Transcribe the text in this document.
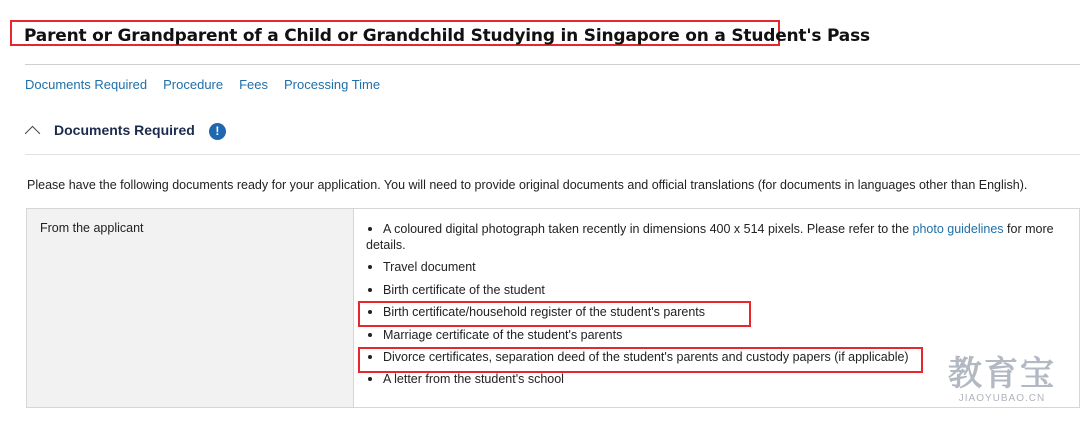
Parent or Grandparent of a Child or Grandchild Studying in Singapore on a Student's Pass
Documents Required Procedure Fees Processing Time
Documents Required	!
Please have the following documents ready for your application. You will need to provide original documents and official translations (for documents in languages other than English).
From the applicant	A coloured digital photograph taken recently in dimensions 400 x 514 pixels. Please refer to the photo guidelines for more details.
Travel document
Birth certificate of the student
Birth certificate/household register of the student's parents
Marriage certificate of the student's parents
Divorce certificates, separation deed of the student's parents and custody papers (if applicable)
A letter from the student's school	教育宝
JIAOYUBAO.CN
